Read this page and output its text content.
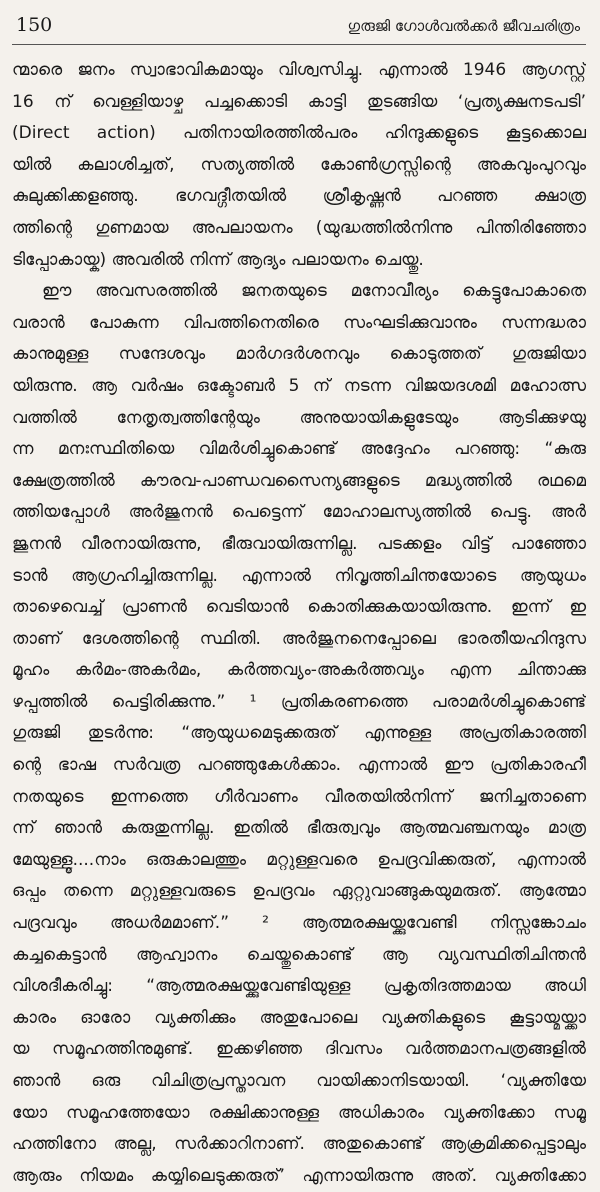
150	ഗുരുജി ഗോൾവൽക്കർ ജീവചരിത്രം
ന്മാരെ ജനം സ്വാഭാവികമായും വിശ്വസിച്ചു. എന്നാൽ 1946 ആഗസ്റ്റ്
16 ന് വെള്ളിയാഴ്ച പച്ചക്കൊടി കാട്ടി തുടങ്ങിയ ‘പ്രത്യക്ഷനടപടി’
(Direct action) പതിനായിരത്തിൽപരം ഹിന്ദുക്കളുടെ കൂട്ടക്കൊല
യിൽ കലാശിച്ചത്, സത്യത്തിൽ കോൺഗ്രസ്സിന്റെ അകവുംപുറവും
കുലുക്കിക്കളഞ്ഞു. ഭഗവദ്ഗീതയിൽ ശ്രീകൃഷ്ണൻ പറഞ്ഞ ക്ഷാത്ര
ത്തിന്റെ ഗുണമായ അപലായനം (യുദ്ധത്തിൽനിന്നു പിന്തിരിഞ്ഞോ
ടിപ്പോകായ്ക) അവരിൽ നിന്ന് ആദ്യം പലായനം ചെയ്തു.
ഈ അവസരത്തിൽ ജനതയുടെ മനോവീര്യം കെട്ടുപോകാതെ
വരാൻ പോകുന്ന വിപത്തിനെതിരെ സംഘടിക്കുവാനും സന്നദ്ധരാ
കാനുമുള്ള സന്ദേശവും മാർഗദർശനവും കൊടുത്തത് ഗുരുജിയാ
യിരുന്നു. ആ വർഷം ഒക്ടോബർ 5 ന് നടന്ന വിജയദശമി മഹോത്സ
വത്തിൽ നേതൃത്വത്തിന്റേയും അനുയായികളുടേയും ആടിക്കുഴയു
ന്ന മനഃസ്ഥിതിയെ വിമർശിച്ചുകൊണ്ട് അദ്ദേഹം പറഞ്ഞു: “കുരു
ക്ഷേത്രത്തിൽ കൗരവ-പാണ്ഡവസൈന്യങ്ങളുടെ മദ്ധ്യത്തിൽ രഥമെ
ത്തിയപ്പോൾ അർജുനൻ പെട്ടെന്ന് മോഹാലസ്യത്തിൽ പെട്ടു. അർ
ജുനൻ വീരനായിരുന്നു, ഭീരുവായിരുന്നില്ല. പടക്കളം വിട്ട് പാഞ്ഞോ
ടാൻ ആഗ്രഹിച്ചിരുന്നില്ല. എന്നാൽ നിവൃത്തിചിന്തയോടെ ആയുധം
താഴെവെച്ച് പ്രാണൻ വെടിയാൻ കൊതിക്കുകയായിരുന്നു. ഇന്ന് ഇ
താണ് ദേശത്തിന്റെ സ്ഥിതി. അർജുനനെപ്പോലെ ഭാരതീയഹിന്ദുസ
മൂഹം കർമം-അകർമം, കർത്തവ്യം-അകർത്തവ്യം എന്ന ചിന്താക്കു
ഴപ്പത്തിൽ പെട്ടിരിക്കുന്നു.” ¹ പ്രതികരണത്തെ പരാമർശിച്ചുകൊണ്ട്
ഗുരുജി തുടർന്നു: “ആയുധമെടുക്കരുത് എന്നുള്ള അപ്രതികാരത്തി
ന്റെ ഭാഷ സർവത്ര പറഞ്ഞുകേൾക്കാം. എന്നാൽ ഈ പ്രതികാരഹീ
നതയുടെ ഇന്നത്തെ ഗീർവാണം വീരതയിൽനിന്ന് ജനിച്ചതാണെ
ന്ന് ഞാൻ കരുതുന്നില്ല. ഇതിൽ ഭീരുത്വവും ആത്മവഞ്ചനയും മാത്ര
മേയുള്ളൂ....നാം ഒരുകാലത്തും മറ്റുള്ളവരെ ഉപദ്രവിക്കരുത്, എന്നാൽ
ഒപ്പം തന്നെ മറ്റുള്ളവരുടെ ഉപദ്രവം ഏറ്റുവാങ്ങുകയുമരുത്. ആത്മോ
പദ്രവവും അധർമമാണ്.” ² ആത്മരക്ഷയ്ക്കുവേണ്ടി നിസ്സങ്കോചം
കച്ചകെട്ടാൻ ആഹ്വാനം ചെയ്തുകൊണ്ട് ആ വ്യവസ്ഥിതിചിന്തൻ
വിശദീകരിച്ചു: “ആത്മരക്ഷയ്ക്കുവേണ്ടിയുള്ള പ്രകൃതിദത്തമായ അധി
കാരം ഓരോ വ്യക്തിക്കും അതുപോലെ വ്യക്തികളുടെ കൂട്ടായ്മയ്ക്കാ
യ സമൂഹത്തിനുമുണ്ട്. ഇക്കഴിഞ്ഞ ദിവസം വർത്തമാനപത്രങ്ങളിൽ
ഞാൻ ഒരു വിചിത്രപ്രസ്താവന വായിക്കാനിടയായി. ‘വ്യക്തിയേ
യോ സമൂഹത്തേയോ രക്ഷിക്കാനുള്ള അധികാരം വ്യക്തിക്കോ സമൂ
ഹത്തിനോ അല്ല, സർക്കാറിനാണ്. അതുകൊണ്ട് ആക്രമിക്കപ്പെട്ടാലും
ആരും നിയമം കയ്യിലെടുക്കരുത്’ എന്നായിരുന്നു അത്. വ്യക്തിക്കോ
